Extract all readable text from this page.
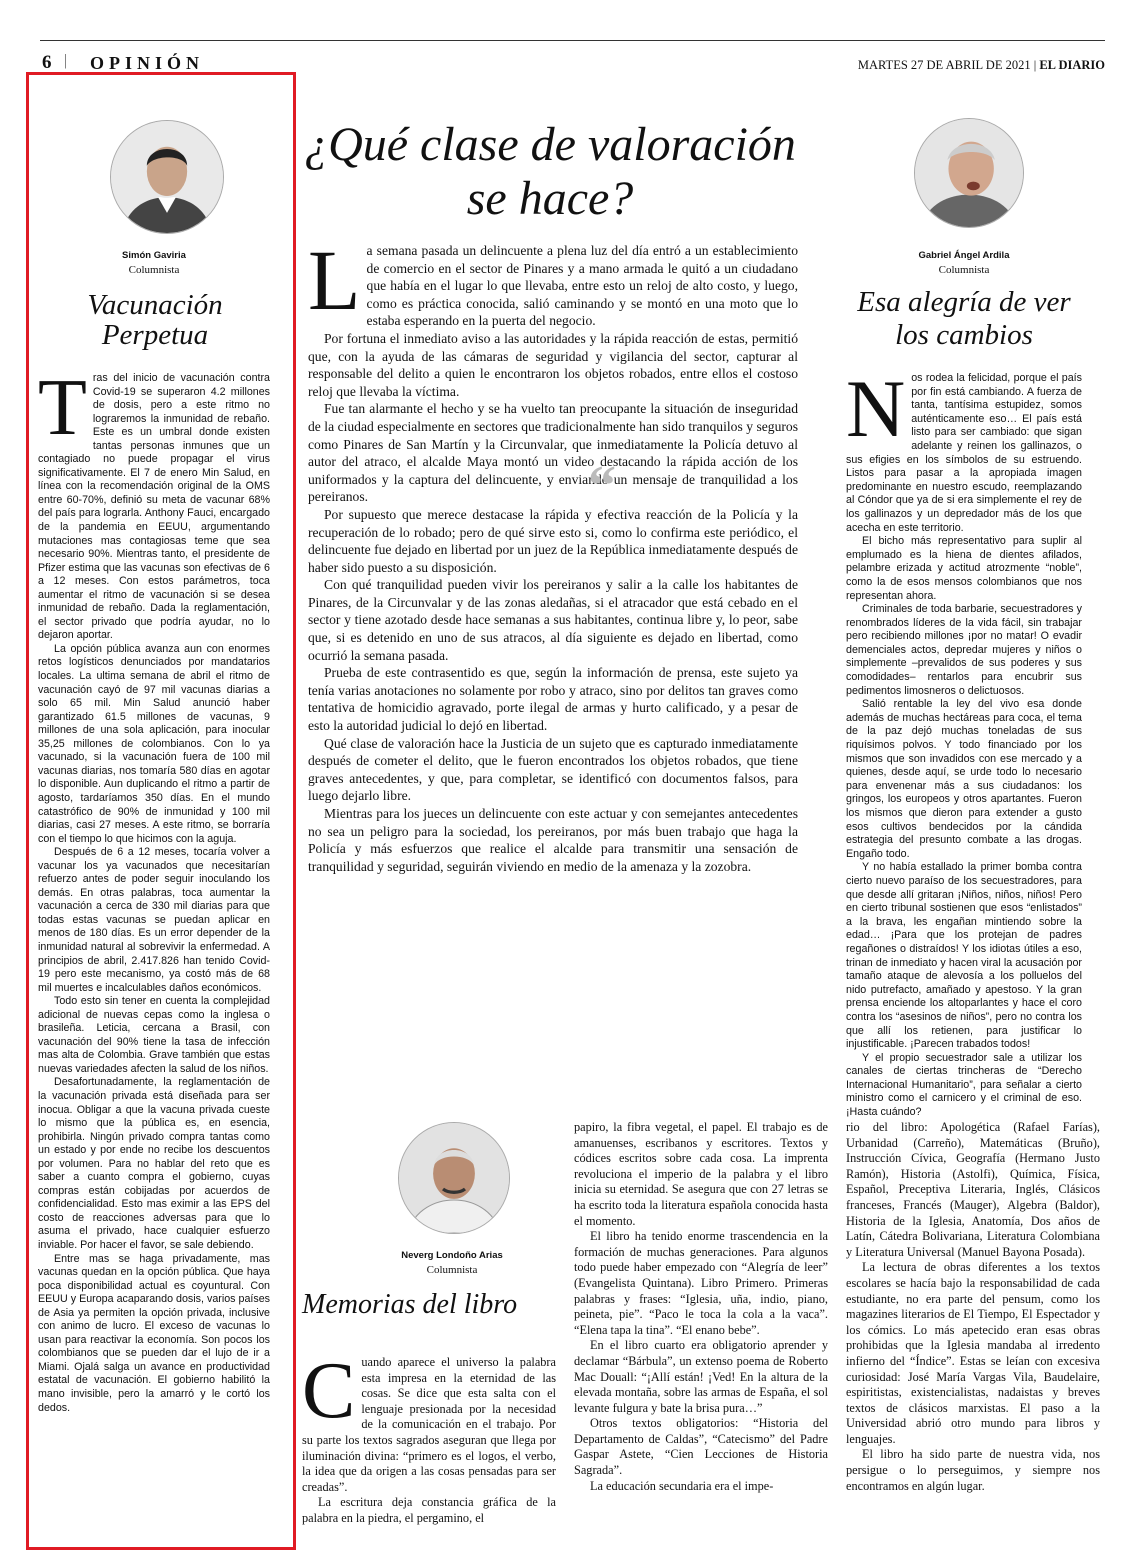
6 | OPINIÓN	MARTES 27 DE ABRIL DE 2021 | EL DIARIO
Simón Gaviria
Columnista
Vacunación Perpetua
T ras del inicio de vacunación contra Covid-19 se superaron 4.2 millones de dosis, pero a este ritmo no lograremos la inmunidad de rebaño. Este es un umbral donde existen tantas personas inmunes que un contagiado no puede propagar el virus significativamente. El 7 de enero Min Salud, en línea con la recomendación original de la OMS entre 60-70%, definió su meta de vacunar 68% del país para lograrla. Anthony Fauci, encargado de la pandemia en EEUU, argumentando mutaciones mas contagiosas teme que sea necesario 90%. Mientras tanto, el presidente de Pfizer estima que las vacunas son efectivas de 6 a 12 meses. Con estos parámetros, toca aumentar el ritmo de vacunación si se desea inmunidad de rebaño. Dada la reglamentación, el sector privado que podría ayudar, no lo dejaron aportar.

La opción pública avanza aun con enormes retos logísticos denunciados por mandatarios locales. La ultima semana de abril el ritmo de vacunación cayó de 97 mil vacunas diarias a solo 65 mil. Min Salud anunció haber garantizado 61.5 millones de vacunas, 9 millones de una sola aplicación, para inocular 35,25 millones de colombianos. Con lo ya vacunado, si la vacunación fuera de 100 mil vacunas diarias, nos tomaría 580 días en agotar lo disponible. Aun duplicando el ritmo a partir de agosto, tardaríamos 350 días. En el mundo catastrófico de 90% de inmunidad y 100 mil diarias, casi 27 meses. A este ritmo, se borraría con el tiempo lo que hicimos con la aguja.

Después de 6 a 12 meses, tocaría volver a vacunar los ya vacunados que necesitarían refuerzo antes de poder seguir inoculando los demás. En otras palabras, toca aumentar la vacunación a cerca de 330 mil diarias para que todas estas vacunas se puedan aplicar en menos de 180 días. Es un error depender de la inmunidad natural al sobrevivir la enfermedad. A principios de abril, 2.417.826 han tenido Covid-19 pero este mecanismo, ya costó más de 68 mil muertes e incalculables daños económicos.

Todo esto sin tener en cuenta la complejidad adicional de nuevas cepas como la inglesa o brasileña. Leticia, cercana a Brasil, con vacunación del 90% tiene la tasa de infección mas alta de Colombia. Grave también que estas nuevas variedades afecten la salud de los niños.

Desafortunadamente, la reglamentación de la vacunación privada está diseñada para ser inocua. Obligar a que la vacuna privada cueste lo mismo que la pública es, en esencia, prohibirla. Ningún privado compra tantas como un estado y por ende no recibe los descuentos por volumen. Para no hablar del reto que es saber a cuanto compra el gobierno, cuyas compras están cobijadas por acuerdos de confidencialidad. Esto mas eximir a las EPS del costo de reacciones adversas para que lo asuma el privado, hace cualquier esfuerzo inviable. Por hacer el favor, se sale debiendo.

Entre mas se haga privadamente, mas vacunas quedan en la opción pública. Que haya poca disponibilidad actual es coyuntural. Con EEUU y Europa acaparando dosis, varios países de Asia ya permiten la opción privada, inclusive con animo de lucro. El exceso de vacunas lo usan para reactivar la economía. Son pocos los colombianos que se pueden dar el lujo de ir a Miami. Ojalá salga un avance en productividad estatal de vacunación. El gobierno habilitó la mano invisible, pero la amarró y le cortó los dedos.

¿Qué clase de valoración
se hace?
L a semana pasada un delincuente a plena luz del día entró a un establecimiento de comercio en el sector de Pinares y a mano armada le quitó a un ciudadano que había en el lugar lo que llevaba, entre esto un reloj de alto costo, y luego, como es práctica conocida, salió caminando y se montó en una moto que lo estaba esperando en la puerta del negocio.

Por fortuna el inmediato aviso a las autoridades y la rápida reacción de estas, permitió que, con la ayuda de las cámaras de seguridad y vigilancia del sector, capturar al responsable del delito a quien le encontraron los objetos robados, entre ellos el costoso reloj que llevaba la víctima.

Fue tan alarmante el hecho y se ha vuelto tan preocupante la situación de inseguridad de la ciudad especialmente en sectores que tradicionalmente han sido tranquilos y seguros como Pinares de San Martín y la Circunvalar, que inmediatamente la Policía detuvo al autor del atraco, el alcalde Maya montó un video destacando la rápida acción de los uniformados y la captura del delincuente, y enviando un mensaje de tranquilidad a los pereiranos.

Por supuesto que merece destacase la rápida y efectiva reacción de la Policía y la recuperación de lo robado; pero de qué sirve esto si, como lo confirma este periódico, el delincuente fue dejado en libertad por un juez de la República inmediatamente después de haber sido puesto a su disposición.

Con qué tranquilidad pueden vivir los pereiranos y salir a la calle los habitantes de Pinares, de la Circunvalar y de las zonas aledañas, si el atracador que está cebado en el sector y tiene azotado desde hace semanas a sus habitantes, continua libre y, lo peor, sabe que, si es detenido en uno de sus atracos, al día siguiente es dejado en libertad, como ocurrió la semana pasada.

Prueba de este contrasentido es que, según la información de prensa, este sujeto ya tenía varias anotaciones no solamente por robo y atraco, sino por delitos tan graves como tentativa de homicidio agravado, porte ilegal de armas y hurto calificado, y a pesar de esto la autoridad judicial lo dejó en libertad.

Qué clase de valoración hace la Justicia de un sujeto que es capturado inmediatamente después de cometer el delito, que le fueron encontrados los objetos robados, que tiene graves antecedentes, y que, para completar, se identificó con documentos falsos, para luego dejarlo libre.

Mientras para los jueces un delincuente con este actuar y con semejantes antecedentes no sea un peligro para la sociedad, los pereiranos, por más buen trabajo que haga la Policía y más esfuerzos que realice el alcalde para transmitir una sensación de tranquilidad y seguridad, seguirán viviendo en medio de la amenaza y la zozobra.

“
Gabriel Ángel Ardila
Columnista
Esa alegría de ver
los cambios
N os rodea la felicidad, porque el país por fin está cambiando. A fuerza de tanta, tantísima estupidez, somos auténticamente eso… El país está listo para ser cambiado: que sigan adelante y reinen los gallinazos, o sus efigies en los símbolos de su estruendo. Listos para pasar a la apropiada imagen predominante en nuestro escudo, reemplazando al Cóndor que ya de si era simplemente el rey de los gallinazos y un depredador más de los que acecha en este territorio.

El bicho más representativo para suplir al emplumado es la hiena de dientes afilados, pelambre erizada y actitud atrozmente “noble”, como la de esos mensos colombianos que nos representan ahora.

Criminales de toda barbarie, secuestradores y renombrados líderes de la vida fácil, sin trabajar pero recibiendo millones ¡por no matar! O evadir demenciales actos, depredar mujeres y niños o simplemente –prevalidos de sus poderes y sus comodidades– rentarlos para encubrir sus pedimentos limosneros o delictuosos.

Salió rentable la ley del vivo esa donde además de muchas hectáreas para coca, el tema de la paz dejó muchas toneladas de sus riquísimos polvos. Y todo financiado por los mismos que son invadidos con ese mercado y a quienes, desde aquí, se urde todo lo necesario para envenenar más a sus ciudadanos: los gringos, los europeos y otros apartantes. Fueron los mismos que dieron para extender a gusto esos cultivos bendecidos por la cándida estrategia del presunto combate a las drogas. Engaño todo.

Y no había estallado la primer bomba contra cierto nuevo paraíso de los secuestradores, para que desde allí gritaran ¡Niños, niños, niños! Pero en cierto tribunal sostienen que esos “enlistados” a la brava, les engañan mintiendo sobre la edad… ¡Para que los protejan de padres regañones o distraídos! Y los idiotas útiles a eso, trinan de inmediato y hacen viral la acusación por tamaño ataque de alevosía a los polluelos del nido putrefacto, amañado y apestoso. Y la gran prensa enciende los altoparlantes y hace el coro contra los “asesinos de niños”, pero no contra los que allí los retienen, para justificar lo injustificable. ¡Parecen trabados todos!

Y el propio secuestrador sale a utilizar los canales de ciertas trincheras de “Derecho Internacional Humanitario”, para señalar a cierto ministro como el carnicero y el criminal de eso. ¡Hasta cuándo?

Neverg Londoño Arias
Columnista
Memorias del libro
C uando aparece el universo la palabra esta impresa en la eternidad de las cosas. Se dice que esta salta con el lenguaje presionada por la necesidad de la comunicación en el trabajo. Por su parte los textos sagrados aseguran que llega por iluminación divina: “primero es el logos, el verbo, la idea que da origen a las cosas pensadas para ser creadas”.

La escritura deja constancia gráfica de la palabra en la piedra, el pergamino, el

papiro, la fibra vegetal, el papel. El trabajo es de amanuenses, escribanos y escritores. Textos y códices escritos sobre cada cosa. La imprenta revoluciona el imperio de la palabra y el libro inicia su eternidad. Se asegura que con 27 letras se ha escrito toda la literatura española conocida hasta el momento.

El libro ha tenido enorme trascendencia en la formación de muchas generaciones. Para algunos todo puede haber empezado con “Alegría de leer” (Evangelista Quintana). Libro Primero. Primeras palabras y frases: “Iglesia, uña, indio, piano, peineta, pie”. “Paco le toca la cola a la vaca”. “Elena tapa la tina”. “El enano bebe”.

En el libro cuarto era obligatorio aprender y declamar “Bárbula”, un extenso poema de Roberto Mac Douall: “¡Allí están! ¡Ved! En la altura de la elevada montaña, sobre las armas de España, el sol levante fulgura y bate la brisa pura…”

Otros textos obligatorios: “Historia del Departamento de Caldas”, “Catecismo” del Padre Gaspar Astete, “Cien Lecciones de Historia Sagrada”.

La educación secundaria era el impe-

rio del libro: Apologética (Rafael Farías), Urbanidad (Carreño), Matemáticas (Bruño), Instrucción Cívica, Geografía (Hermano Justo Ramón), Historia (Astolfi), Química, Física, Español, Preceptiva Literaria, Inglés, Clásicos franceses, Francés (Mauger), Algebra (Baldor), Historia de la Iglesia, Anatomía, Dos años de Latín, Cátedra Bolivariana, Literatura Colombiana y Literatura Universal (Manuel Bayona Posada).

La lectura de obras diferentes a los textos escolares se hacía bajo la responsabilidad de cada estudiante, no era parte del pensum, como los magazines literarios de El Tiempo, El Espectador y los cómics. Lo más apetecido eran esas obras prohibidas que la Iglesia mandaba al irredento infierno del “Índice”. Estas se leían con excesiva curiosidad: José María Vargas Vila, Baudelaire, espiritistas, existencialistas, nadaistas y breves textos de clásicos marxistas. El paso a la Universidad abrió otro mundo para libros y lenguajes.

El libro ha sido parte de nuestra vida, nos persigue o lo perseguimos, y siempre nos encontramos en algún lugar.
